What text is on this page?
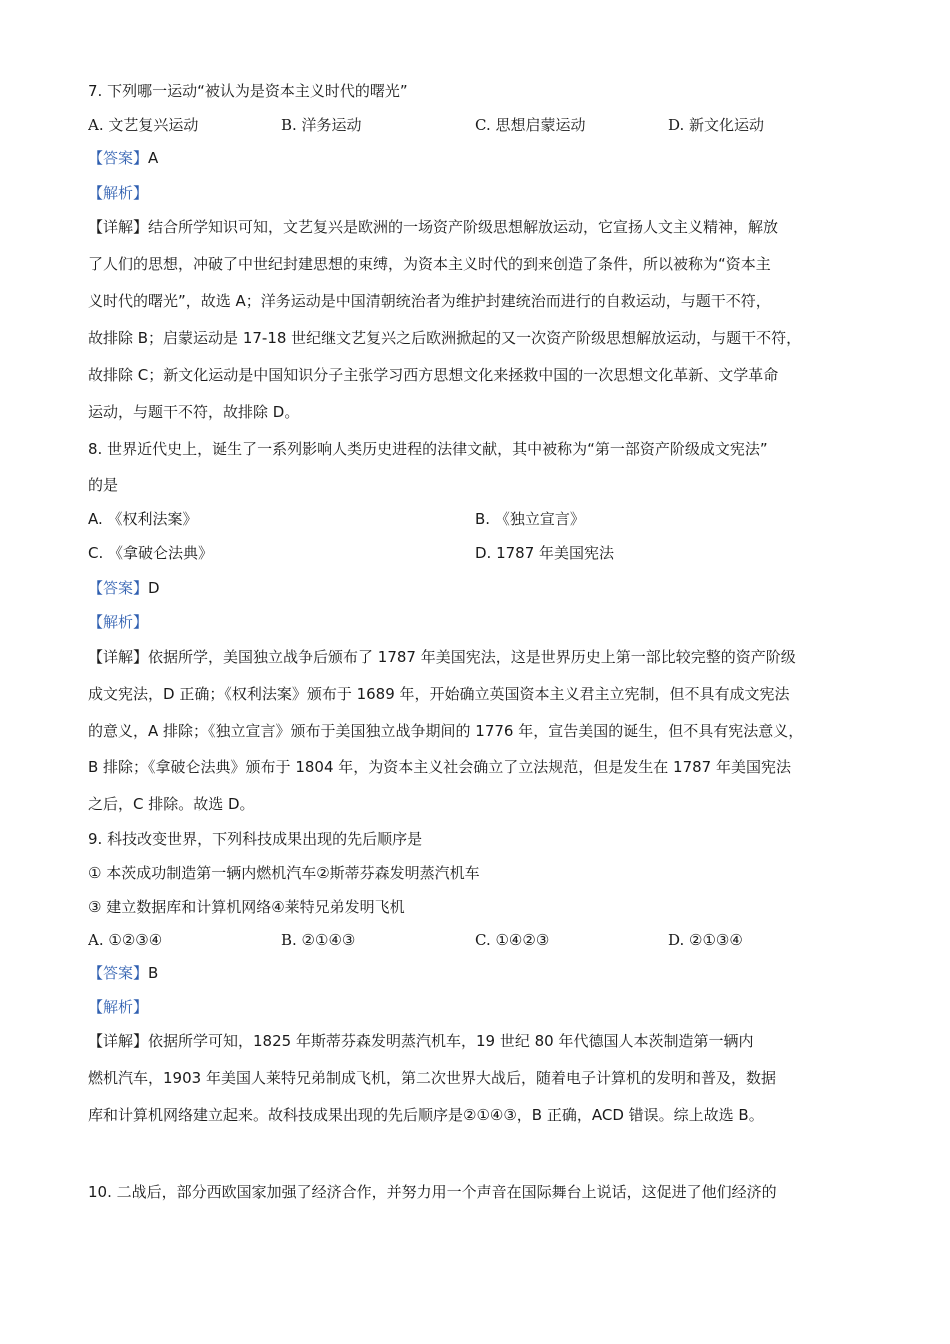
7. 下列哪一运动“被认为是资本主义时代的曙光”
A. 文艺复兴运动	B. 洋务运动	C. 思想启蒙运动	D. 新文化运动
【答案】A
【解析】
【详解】结合所学知识可知，文艺复兴是欧洲的一场资产阶级思想解放运动，它宣扬人文主义精神，解放
了人们的思想，冲破了中世纪封建思想的束缚，为资本主义时代的到来创造了条件，所以被称为“资本主
义时代的曙光”，故选 A；洋务运动是中国清朝统治者为维护封建统治而进行的自救运动，与题干不符，
故排除 B；启蒙运动是 17-18 世纪继文艺复兴之后欧洲掀起的又一次资产阶级思想解放运动，与题干不符，
故排除 C；新文化运动是中国知识分子主张学习西方思想文化来拯救中国的一次思想文化革新、文学革命
运动，与题干不符，故排除 D。
8. 世界近代史上，诞生了一系列影响人类历史进程的法律文献，其中被称为“第一部资产阶级成文宪法”
的是
A. 《权利法案》	B. 《独立宣言》
C. 《拿破仑法典》	D. 1787 年美国宪法
【答案】D
【解析】
【详解】依据所学，美国独立战争后颁布了 1787 年美国宪法，这是世界历史上第一部比较完整的资产阶级
成文宪法，D 正确；《权利法案》颁布于 1689 年，开始确立英国资本主义君主立宪制，但不具有成文宪法
的意义，A 排除；《独立宣言》颁布于美国独立战争期间的 1776 年，宣告美国的诞生，但不具有宪法意义，
B 排除；《拿破仑法典》颁布于 1804 年，为资本主义社会确立了立法规范，但是发生在 1787 年美国宪法
之后，C 排除。故选 D。
9. 科技改变世界，下列科技成果出现的先后顺序是
① 本茨成功制造第一辆内燃机汽车②斯蒂芬森发明蒸汽机车
③ 建立数据库和计算机网络④莱特兄弟发明飞机
A. ①②③④	B. ②①④③	C. ①④②③	D. ②①③④
【答案】B
【解析】
【详解】依据所学可知，1825 年斯蒂芬森发明蒸汽机车，19 世纪 80 年代德国人本茨制造第一辆内
燃机汽车，1903 年美国人莱特兄弟制成飞机，第二次世界大战后，随着电子计算机的发明和普及，数据
库和计算机网络建立起来。故科技成果出现的先后顺序是②①④③，B 正确，ACD 错误。综上故选 B。
10. 二战后，部分西欧国家加强了经济合作，并努力用一个声音在国际舞台上说话，这促进了他们经济的
